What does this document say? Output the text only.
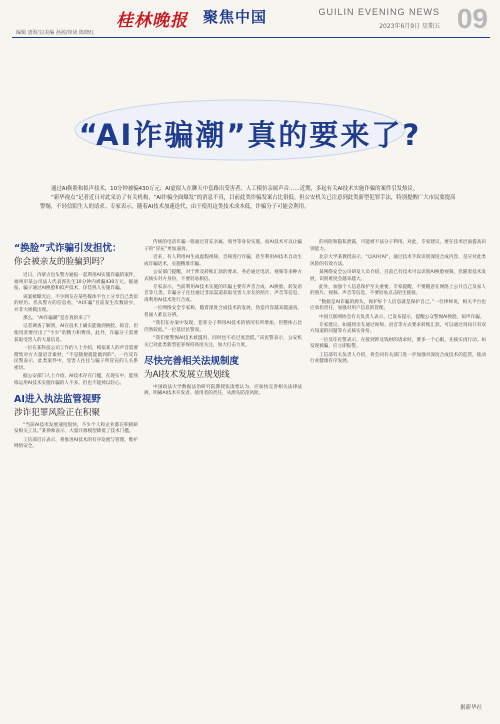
桂林晚报 聚焦中国	GUILIN EVENING NEWS
2023年6月9日 星期五 09
编辑 唐海宝/美编 孙茜/审读 陈晓红
“AI诈骗潮”真的要来了?

通过AI换脸和拟声技术，10分钟被骗430万元；AI虚拟人在聊天中套路出受害者、人工模仿亲属声音……近期，多起有关AI技术实施诈骗的案件引发热议。

“新华视点”记者近日对此采访了有关机构，“AI诈骗全面爆发”的消息不真，目前此类诈骗发案占比很低。但公安机关已注意到此类新型犯罪手法，特别提醒广大市民要提高警惕，不轻信陌生人的请求。专家表示，随着AI技术加速迭代，由于使用这类技术成本低，诈骗分子可能会利用。

“换脸”式诈骗引发担忧：
你会被亲友的脸骗到吗？

近日，内蒙古包头警方通报一起利用AI实施诈骗的案件，福州市某公司法人代表郭先生10分钟内被骗430万元。据通报，骗子通过AI换脸和拟声技术，佯装熟人实施诈骗。

该案被曝光后，不少网友在某些媒体平台上分享自己类似的经历。但从警方的信息看，“AI诈骗”目前发生次数较少，并非大规模出现。

那么，“AI诈骗潮”是否真的来了？

记者调查了解到，AI在技术上确实能做到换脸、拟音。但使用者要付出了“不少”的精力和费用。此外，诈骗分子需要获取受害人的大量信息。

一位在某科技公司工作的人士介绍，模拟某人的声音需要搜集对方大量语音素材，“不是随便就能做到的”。一位反诈民警表示，此类案件中，受害人往往与骗子所冒充的人关系密切。

据公安部门人士介绍，AI技术存在门槛，在现实中，能熟练运用AI技术实施诈骗的人不多。但也不能掉以轻心。

AI进入执法监管视野
涉诈犯罪风险正在积聚

“当前AI技术发展速度很快，不少个人和企业都在积极研发相关工具。”某律师表示，大量开源模型降低了技术门槛。

工信部近日表示，将推进AI技术的有序发展与管理，维护网络安全。

传统的电话诈骗一般通过冒充亲属、领导等身份实施，而AI技术可以让骗子的“冒充”更加逼真。

近来，有人利用AI生成虚假视频、音频进行诈骗，甚至利用AI技术自动生成诈骗话术，实施精准诈骗。

公安部门提醒，对于涉及转账汇款的要求，务必通过电话、视频等多种方式核实对方身份，不要轻易相信。

专家表示，当前利用AI技术实施的诈骗主要有声音合成、AI换脸、转发语音等几类。诈骗分子往往通过非法渠道获取受害人亲友的照片、声音等信息，再利用AI技术进行合成。

一位网络安全专家称，随着深度合成技术的发展，伪造内容越来越逼真，普通人难以分辨。

“我们在办案中发现，犯罪分子利用AI技术的情况有所增加，但整体占比仍然较低。”一位基层民警说。

“我们要警惕AI技术被滥用，同时也不必过度恐慌。”该民警表示，公安机关已对此类新型犯罪保持高度关注，加大打击力度。

尽快完善相关法规制度
为AI技术发展立规划线

中国政法大学数据法治研究院教授张凌寒认为，应加快完善相关法律法规，明确AI技术开发者、使用者的责任，从源头防范风险。

的风险和隐私泄露，可能被不法分子利用。对此，专家建议，要在技术层面提高识别能力。

北京大学某教授表示，“以AI对AI”，通过技术手段识别深度合成内容，是应对此类风险的有效方法。

某网络安全公司研发人员介绍，目前已有技术可以识别AI换脸视频，但随着技术发展，识别难度会越来越大。

此外，加强个人信息保护至关重要。专家提醒，不要随意在网络上公开自己及家人的照片、视频、声音等信息，不要轻易点击陌生链接。

“数据是AI诈骗的源头，保护好个人信息就是保护自己。”一位律师说，相关平台也应承担责任，加强对用户信息的管理。

中国互联网协会有关负责人表示，已发布提示，提醒公众警惕AI换脸、拟声诈骗。

专家建议，如遇到亲友通过视频、语音等方式要求转账汇款，可以通过询问只有双方知道的问题等方式核实身份。

一位反诈民警表示，在接到涉及钱财的请求时，要多一个心眼，先核实再行动。如发现被骗，应立即报警。

工信部有关负责人介绍，将会同有关部门进一步加强对深度合成技术的监管，推动行业健康有序发展。

据新华社
